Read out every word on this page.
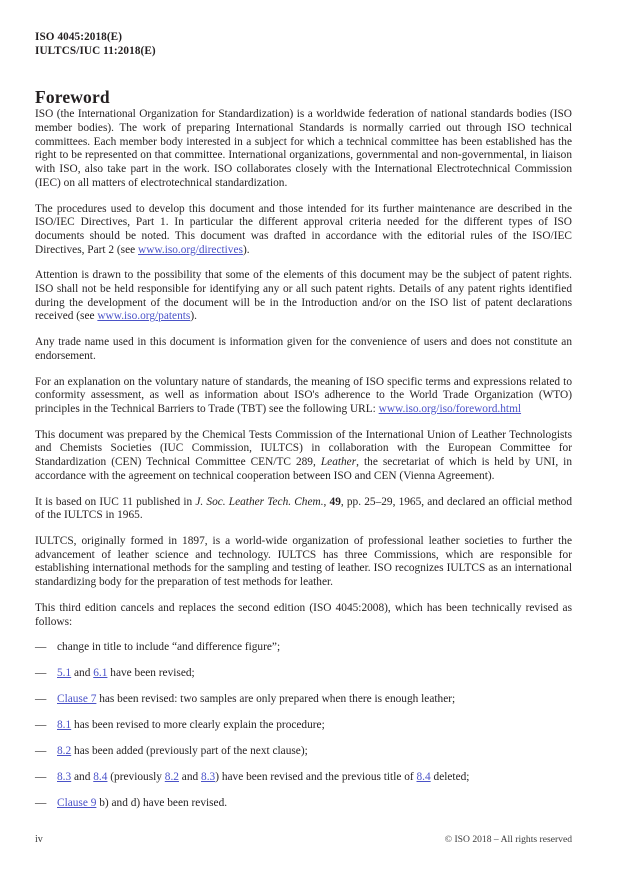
ISO 4045:2018(E)
IULTCS/IUC 11:2018(E)
Foreword

ISO (the International Organization for Standardization) is a worldwide federation of national standards bodies (ISO member bodies). The work of preparing International Standards is normally carried out through ISO technical committees. Each member body interested in a subject for which a technical committee has been established has the right to be represented on that committee. International organizations, governmental and non-governmental, in liaison with ISO, also take part in the work. ISO collaborates closely with the International Electrotechnical Commission (IEC) on all matters of electrotechnical standardization.

The procedures used to develop this document and those intended for its further maintenance are described in the ISO/IEC Directives, Part 1. In particular the different approval criteria needed for the different types of ISO documents should be noted. This document was drafted in accordance with the editorial rules of the ISO/IEC Directives, Part 2 (see www.iso.org/directives).

Attention is drawn to the possibility that some of the elements of this document may be the subject of patent rights. ISO shall not be held responsible for identifying any or all such patent rights. Details of any patent rights identified during the development of the document will be in the Introduction and/or on the ISO list of patent declarations received (see www.iso.org/patents).

Any trade name used in this document is information given for the convenience of users and does not constitute an endorsement.

For an explanation on the voluntary nature of standards, the meaning of ISO specific terms and expressions related to conformity assessment, as well as information about ISO's adherence to the World Trade Organization (WTO) principles in the Technical Barriers to Trade (TBT) see the following URL: www.iso.org/iso/foreword.html

This document was prepared by the Chemical Tests Commission of the International Union of Leather Technologists and Chemists Societies (IUC Commission, IULTCS) in collaboration with the European Committee for Standardization (CEN) Technical Committee CEN/TC 289, Leather, the secretariat of which is held by UNI, in accordance with the agreement on technical cooperation between ISO and CEN (Vienna Agreement).

It is based on IUC 11 published in J. Soc. Leather Tech. Chem., 49, pp. 25–29, 1965, and declared an official method of the IULTCS in 1965.

IULTCS, originally formed in 1897, is a world-wide organization of professional leather societies to further the advancement of leather science and technology. IULTCS has three Commissions, which are responsible for establishing international methods for the sampling and testing of leather. ISO recognizes IULTCS as an international standardizing body for the preparation of test methods for leather.

This third edition cancels and replaces the second edition (ISO 4045:2008), which has been technically revised as follows:

— change in title to include “and difference figure”;
— 5.1 and 6.1 have been revised;
— Clause 7 has been revised: two samples are only prepared when there is enough leather;
— 8.1 has been revised to more clearly explain the procedure;
— 8.2 has been added (previously part of the next clause);
— 8.3 and 8.4 (previously 8.2 and 8.3) have been revised and the previous title of 8.4 deleted;
— Clause 9 b) and d) have been revised.
iv	© ISO 2018 – All rights reserved
